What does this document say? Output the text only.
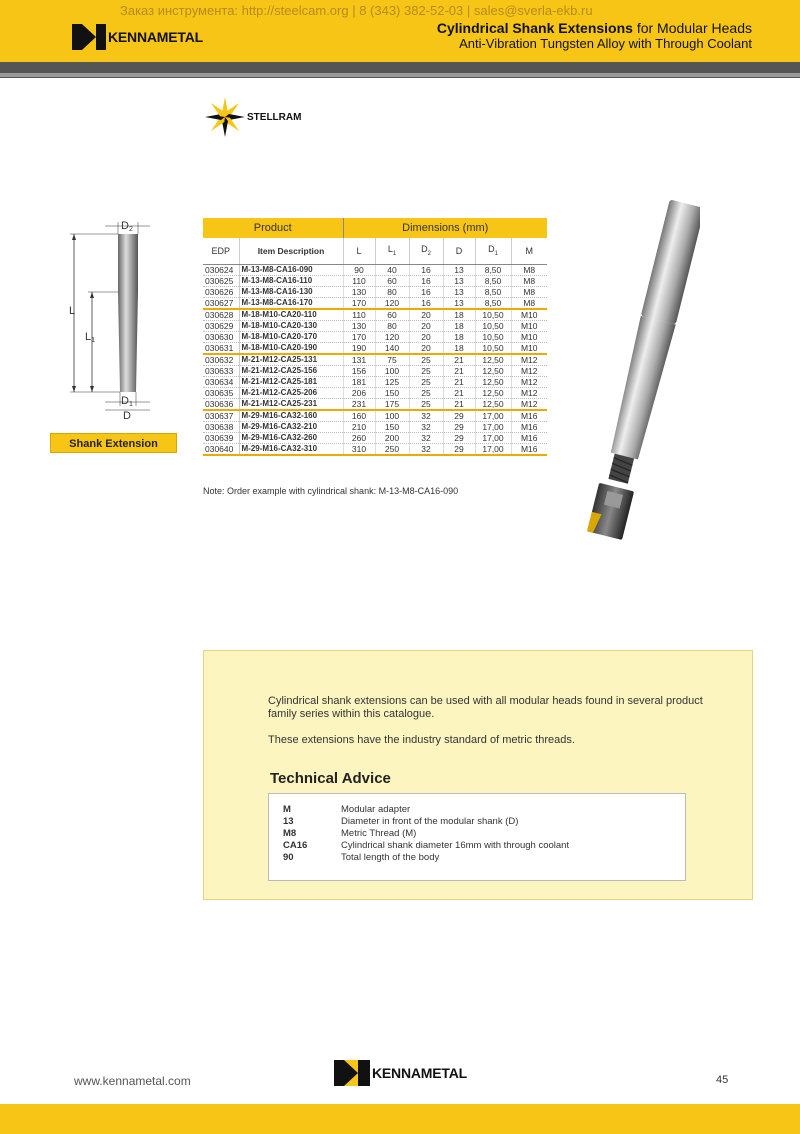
Заказ инструмента: http://steelcam.org | 8 (343) 382-52-03 | sales@sverla-ekb.ru
KENNAMETAL
Cylindrical Shank Extensions for Modular Heads
Anti-Vibration Tungsten Alloy with Through Coolant
STELLRAM
D2
L
L1
D1
D
Shank Extension
Product		Dimensions (mm)					
EDP	Item Description	L	$L_1$	$D_2$	D	$D_1$	M
030624	M-13-M8-CA16-090	90	40	16	13	8,50	M8
030625	M-13-M8-CA16-110	110	60	16	13	8,50	M8
030626	M-13-M8-CA16-130	130	80	16	13	8,50	M8
030627	M-13-M8-CA16-170	170	120	16	13	8,50	M8
030628	M-18-M10-CA20-110	110	60	20	18	10,50	M10
030629	M-18-M10-CA20-130	130	80	20	18	10,50	M10
030630	M-18-M10-CA20-170	170	120	20	18	10,50	M10
030631	M-18-M10-CA20-190	190	140	20	18	10,50	M10
030632	M-21-M12-CA25-131	131	75	25	21	12,50	M12
030633	M-21-M12-CA25-156	156	100	25	21	12,50	M12
030634	M-21-M12-CA25-181	181	125	25	21	12,50	M12
030635	M-21-M12-CA25-206	206	150	25	21	12,50	M12
030636	M-21-M12-CA25-231	231	175	25	21	12,50	M12
030637	M-29-M16-CA32-160	160	100	32	29	17,00	M16
030638	M-29-M16-CA32-210	210	150	32	29	17,00	M16
030639	M-29-M16-CA32-260	260	200	32	29	17,00	M16
030640	M-29-M16-CA32-310	310	250	32	29	17,00	M16
Note: Order example with cylindrical shank: M-13-M8-CA16-090

Cylindrical shank extensions can be used with all modular heads found in several product family series within this catalogue.

These extensions have the industry standard of metric threads.

Technical Advice
M	Modular adapter
13	Diameter in front of the modular shank (D)
M8	Metric Thread (M)
CA16	Cylindrical shank diameter 16mm with through coolant
90	Total length of the body
www.kennametal.com	KENNAMETAL	45
